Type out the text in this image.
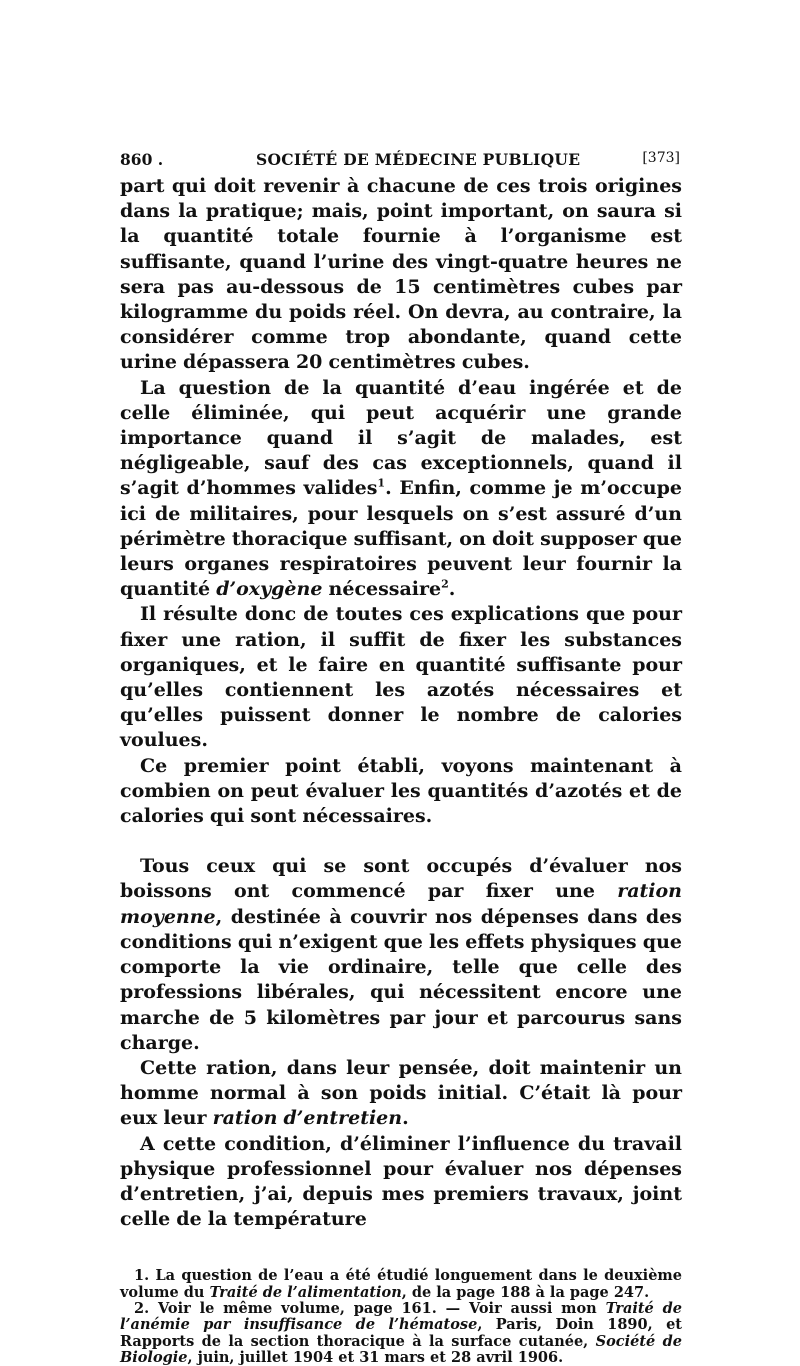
860 .	SOCIÉTÉ DE MÉDECINE PUBLIQUE	[373]

part qui doit revenir à chacune de ces trois origines dans la pratique; mais, point important, on saura si la quantité totale fournie à l’organisme est suffisante, quand l’urine des vingt-quatre heures ne sera pas au-dessous de 15 centimètres cubes par kilogramme du poids réel. On devra, au contraire, la considérer comme trop abondante, quand cette urine dépassera 20 centimètres cubes.

La question de la quantité d’eau ingérée et de celle éliminée, qui peut acquérir une grande importance quand il s’agit de malades, est négligeable, sauf des cas exceptionnels, quand il s’agit d’hommes valides$^1$. Enfin, comme je m’occupe ici de militaires, pour lesquels on s’est assuré d’un périmètre thoracique suffisant, on doit supposer que leurs organes respiratoires peuvent leur fournir la quantité d’oxygène nécessaire$^2$.

Il résulte donc de toutes ces explications que pour fixer une ration, il suffit de fixer les substances organiques, et le faire en quantité suffisante pour qu’elles contiennent les azotés nécessaires et qu’elles puissent donner le nombre de calories voulues.

Ce premier point établi, voyons maintenant à combien on peut évaluer les quantités d’azotés et de calories qui sont nécessaires.

Tous ceux qui se sont occupés d’évaluer nos boissons ont commencé par fixer une ration moyenne, destinée à couvrir nos dépenses dans des conditions qui n’exigent que les effets physiques que comporte la vie ordinaire, telle que celle des professions libérales, qui nécessitent encore une marche de 5 kilomètres par jour et parcourus sans charge.

Cette ration, dans leur pensée, doit maintenir un homme normal à son poids initial. C’était là pour eux leur ration d’entretien.

A cette condition, d’éliminer l’influence du travail physique professionnel pour évaluer nos dépenses d’entretien, j’ai, depuis mes premiers travaux, joint celle de la température

1. La question de l’eau a été étudié longuement dans le deuxième volume du Traité de l’alimentation, de la page 188 à la page 247.

2. Voir le même volume, page 161. — Voir aussi mon Traité de l’anémie par insuffisance de l’hématose, Paris, Doin 1890, et Rapports de la section thoracique à la surface cutanée, Société de Biologie, juin, juillet 1904 et 31 mars et 28 avril 1906.
